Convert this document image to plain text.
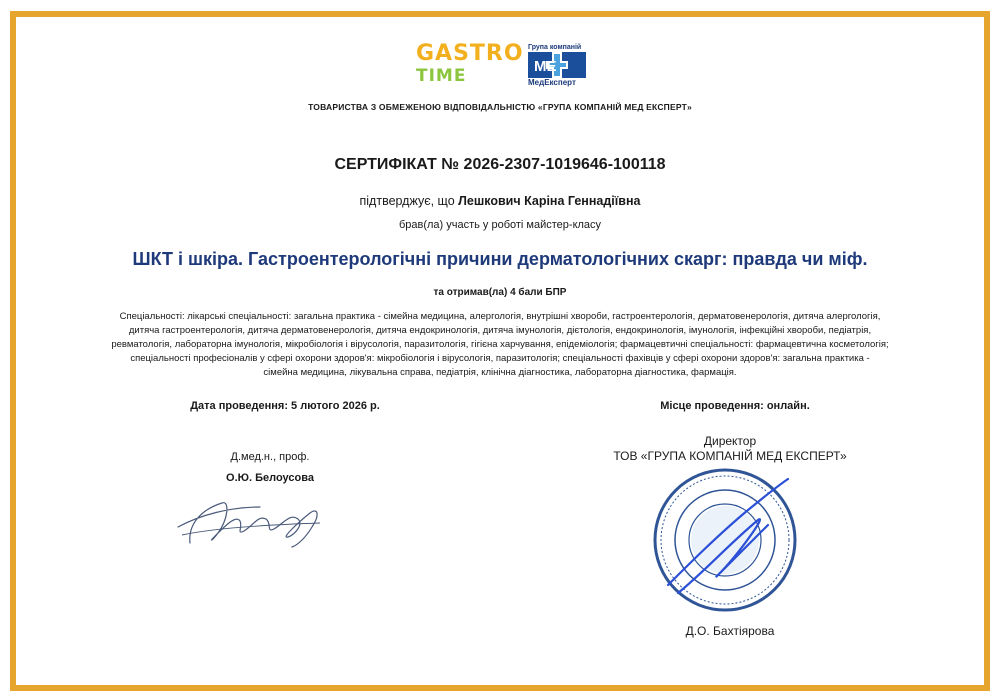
GASTRO
TIME
Група компаній
МЕ
МедЕксперт
ТОВАРИСТВА З ОБМЕЖЕНОЮ ВІДПОВІДАЛЬНІСТЮ «ГРУПА КОМПАНІЙ МЕД ЕКСПЕРТ»
СЕРТИФІКАТ № 2026-2307-1019646-100118
підтверджує, що Лешкович Каріна Геннадіївна
брав(ла) участь у роботі майстер-класу
ШКТ і шкіра. Гастроентерологічні причини дерматологічних скарг: правда чи міф.
та отримав(ла) 4 бали БПР
Спеціальності: лікарські спеціальності: загальна практика - сімейна медицина, алергологія, внутрішні хвороби, гастроентерологія, дерматовенерологія, дитяча алергологія,
дитяча гастроентерологія, дитяча дерматовенерологія, дитяча ендокринологія, дитяча імунологія, дієтологія, ендокринологія, імунологія, інфекційні хвороби, педіатрія,
ревматологія, лабораторна імунологія, мікробіологія і вірусологія, паразитологія, гігієна харчування, епідеміологія; фармацевтичні спеціальності: фармацевтична косметологія;
спеціальності професіоналів у сфері охорони здоров'я: мікробіологія і вірусологія, паразитологія; спеціальності фахівців у сфері охорони здоров'я: загальна практика -
сімейна медицина, лікувальна справа, педіатрія, клінічна діагностика, лабораторна діагностика, фармація.
Дата проведення: 5 лютого 2026 р.	Місце проведення: онлайн.
Д.мед.н., проф.
О.Ю. Белоусова
Директор
ТОВ «ГРУПА КОМПАНІЙ МЕД ЕКСПЕРТ»
Д.О. Бахтіярова
